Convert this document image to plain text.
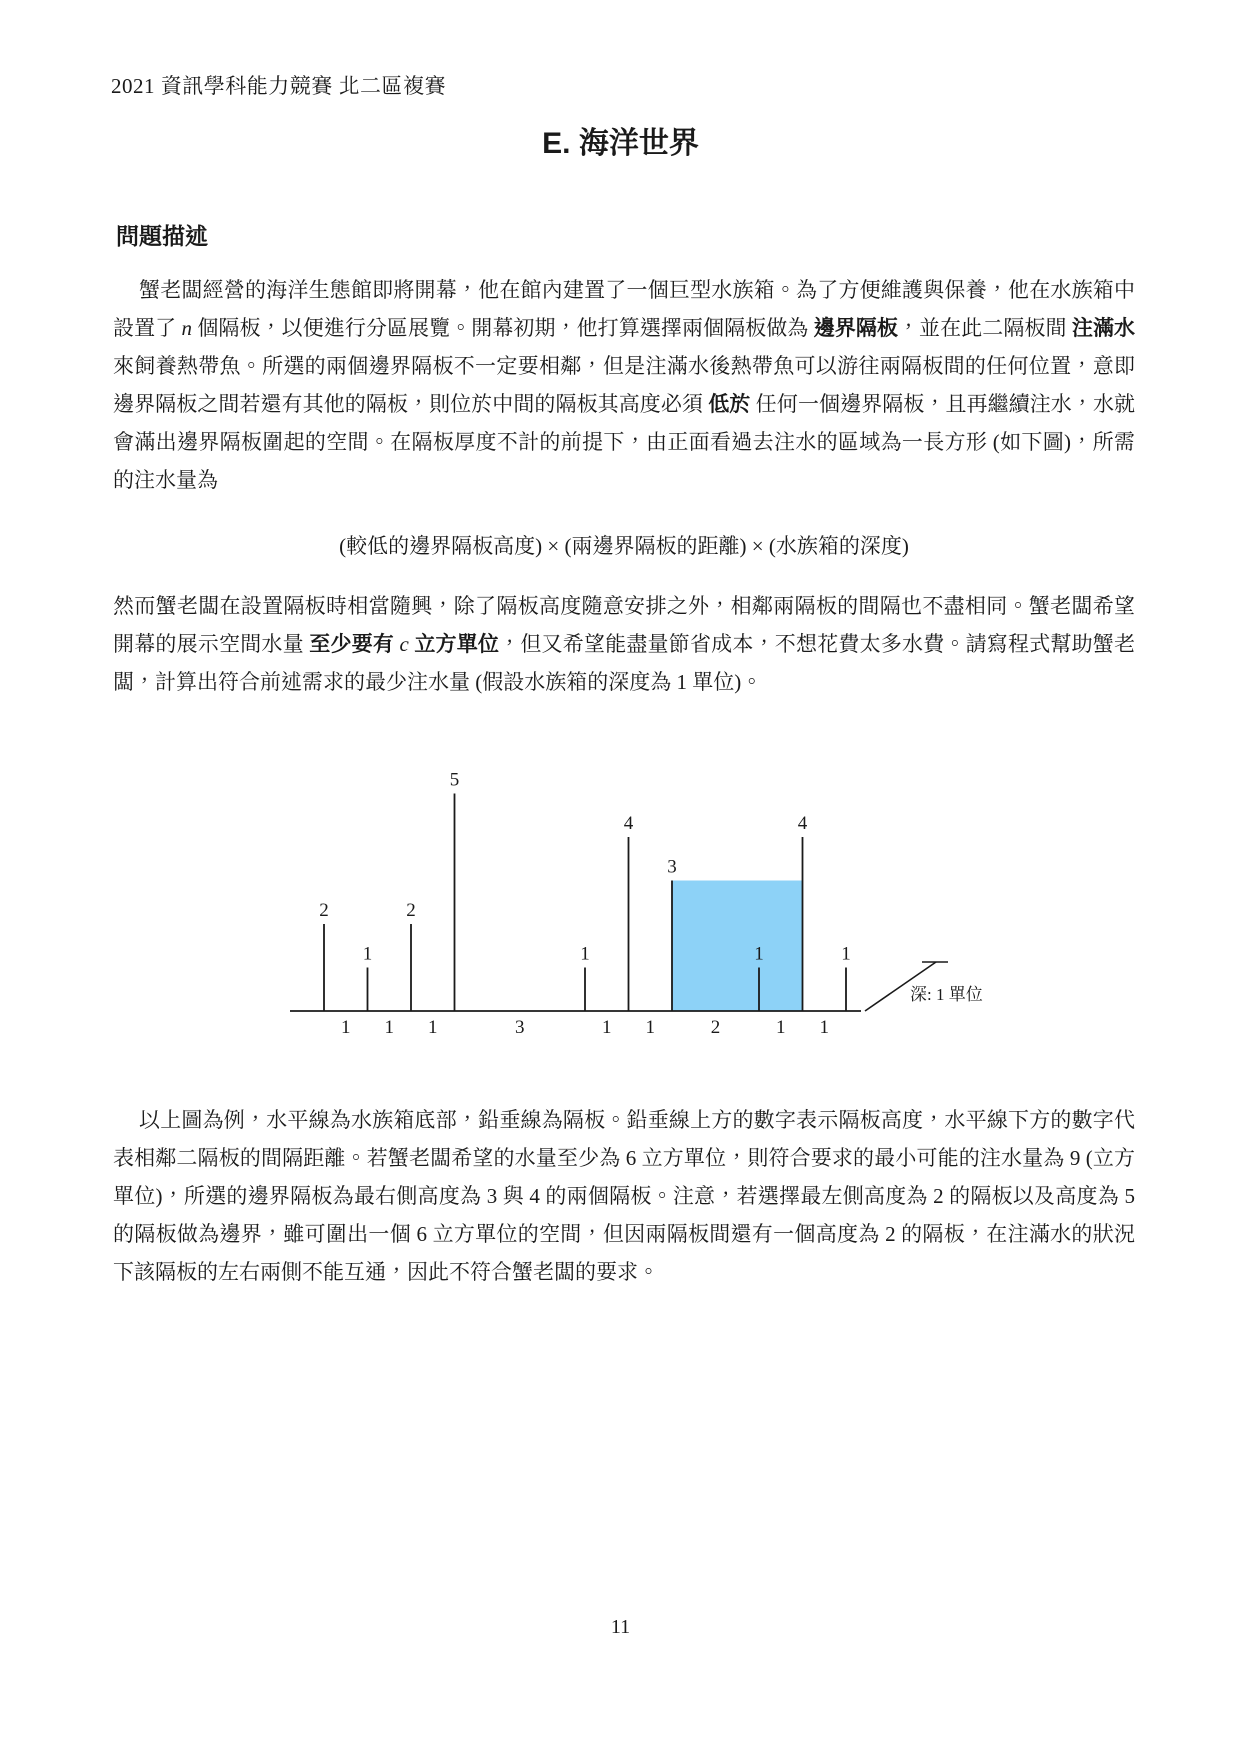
2021 資訊學科能力競賽 北二區複賽
E. 海洋世界
問題描述

蟹老闆經營的海洋生態館即將開幕，他在館內建置了一個巨型水族箱。為了方便維護與保養，他在水族箱中設置了 n 個隔板，以便進行分區展覽。開幕初期，他打算選擇兩個隔板做為 邊界隔板，並在此二隔板間 注滿水 來飼養熱帶魚。所選的兩個邊界隔板不一定要相鄰，但是注滿水後熱帶魚可以游往兩隔板間的任何位置，意即邊界隔板之間若還有其他的隔板，則位於中間的隔板其高度必須 低於 任何一個邊界隔板，且再繼續注水，水就會滿出邊界隔板圍起的空間。在隔板厚度不計的前提下，由正面看過去注水的區域為一長方形 (如下圖)，所需的注水量為

(較低的邊界隔板高度) × (兩邊界隔板的距離) × (水族箱的深度)

然而蟹老闆在設置隔板時相當隨興，除了隔板高度隨意安排之外，相鄰兩隔板的間隔也不盡相同。蟹老闆希望開幕的展示空間水量 至少要有 c 立方單位，但又希望能盡量節省成本，不想花費太多水費。請寫程式幫助蟹老闆，計算出符合前述需求的最少注水量 (假設水族箱的深度為 1 單位)。

2
1
2
5
1
4
3
1
4
1
1 1 1	3	1 1	2	1 1
深: 1 單位

以上圖為例，水平線為水族箱底部，鉛垂線為隔板。鉛垂線上方的數字表示隔板高度，水平線下方的數字代表相鄰二隔板的間隔距離。若蟹老闆希望的水量至少為 6 立方單位，則符合要求的最小可能的注水量為 9 (立方單位)，所選的邊界隔板為最右側高度為 3 與 4 的兩個隔板。注意，若選擇最左側高度為 2 的隔板以及高度為 5 的隔板做為邊界，雖可圍出一個 6 立方單位的空間，但因兩隔板間還有一個高度為 2 的隔板，在注滿水的狀況下該隔板的左右兩側不能互通，因此不符合蟹老闆的要求。

11
